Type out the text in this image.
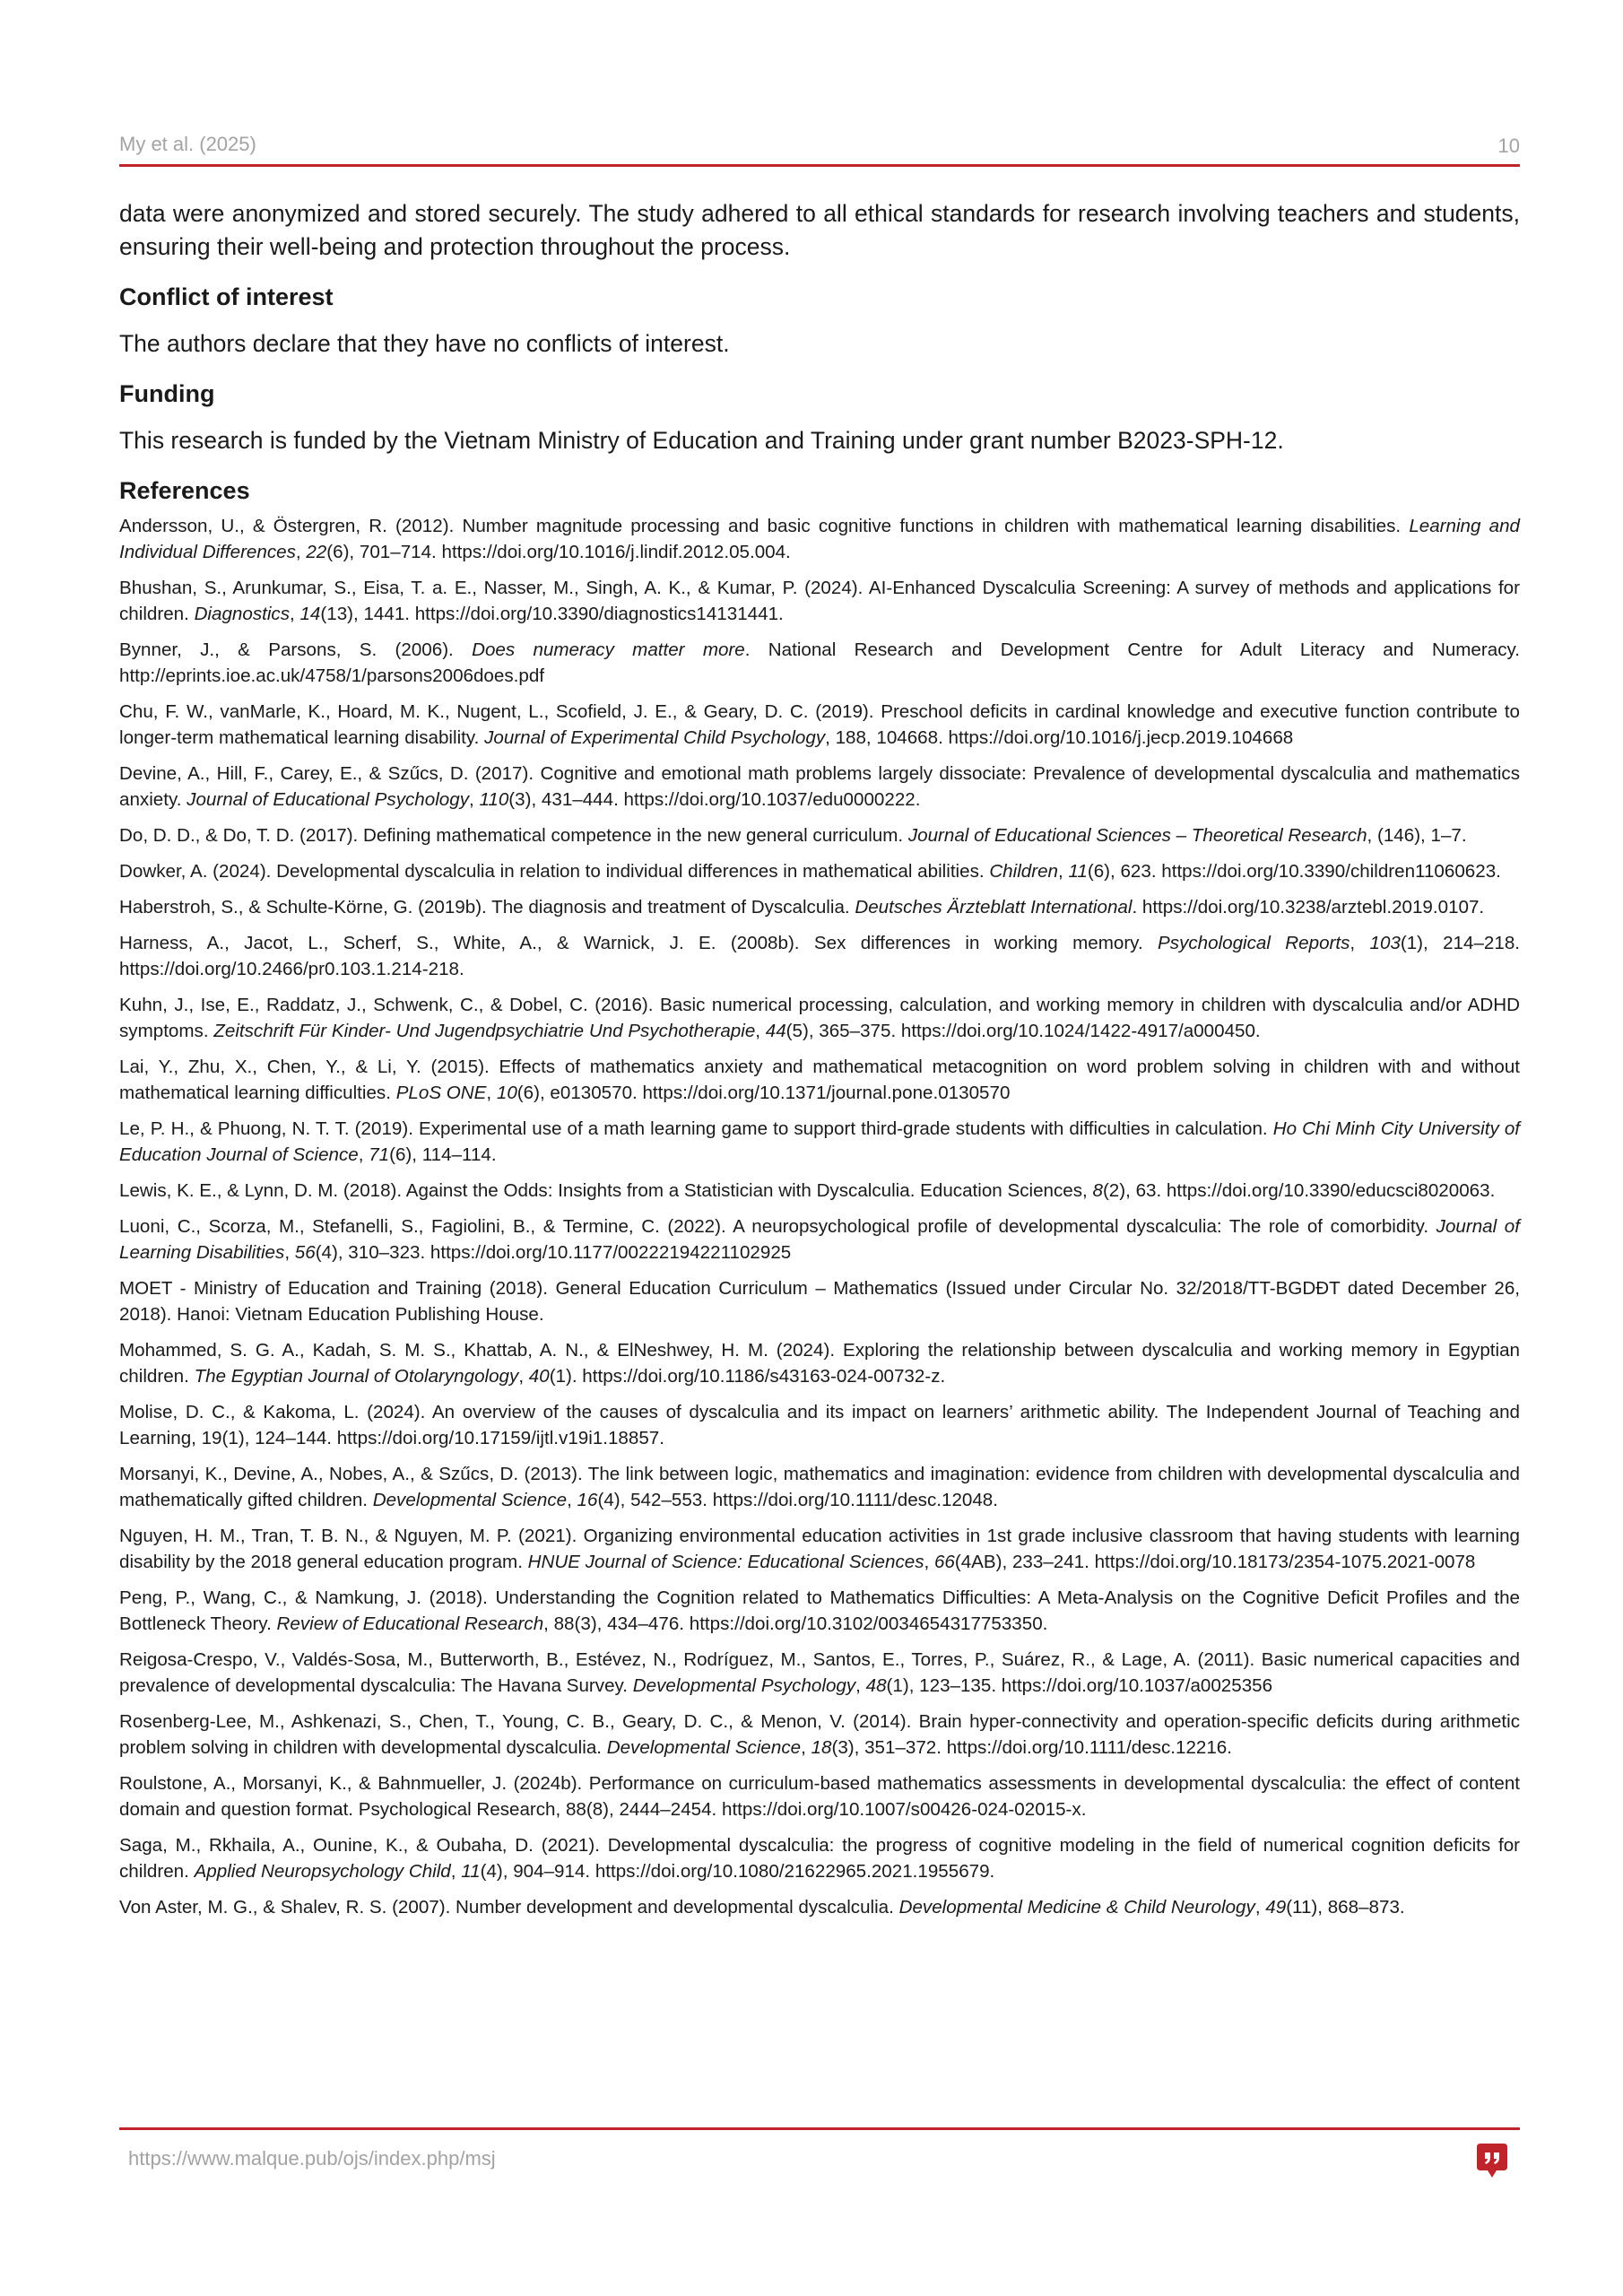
My et al. (2025)	10

data were anonymized and stored securely. The study adhered to all ethical standards for research involving teachers and students, ensuring their well-being and protection throughout the process.

Conflict of interest

The authors declare that they have no conflicts of interest.

Funding

This research is funded by the Vietnam Ministry of Education and Training under grant number B2023-SPH-12.

References

Andersson, U., & Östergren, R. (2012). Number magnitude processing and basic cognitive functions in children with mathematical learning disabilities. Learning and Individual Differences, 22(6), 701–714. https://doi.org/10.1016/j.lindif.2012.05.004.

Bhushan, S., Arunkumar, S., Eisa, T. a. E., Nasser, M., Singh, A. K., & Kumar, P. (2024). AI-Enhanced Dyscalculia Screening: A survey of methods and applications for children. Diagnostics, 14(13), 1441. https://doi.org/10.3390/diagnostics14131441.

Bynner, J., & Parsons, S. (2006). Does numeracy matter more. National Research and Development Centre for Adult Literacy and Numeracy. http://eprints.ioe.ac.uk/4758/1/parsons2006does.pdf

Chu, F. W., vanMarle, K., Hoard, M. K., Nugent, L., Scofield, J. E., & Geary, D. C. (2019). Preschool deficits in cardinal knowledge and executive function contribute to longer-term mathematical learning disability. Journal of Experimental Child Psychology, 188, 104668. https://doi.org/10.1016/j.jecp.2019.104668

Devine, A., Hill, F., Carey, E., & Szűcs, D. (2017). Cognitive and emotional math problems largely dissociate: Prevalence of developmental dyscalculia and mathematics anxiety. Journal of Educational Psychology, 110(3), 431–444. https://doi.org/10.1037/edu0000222.

Do, D. D., & Do, T. D. (2017). Defining mathematical competence in the new general curriculum. Journal of Educational Sciences – Theoretical Research, (146), 1–7.

Dowker, A. (2024). Developmental dyscalculia in relation to individual differences in mathematical abilities. Children, 11(6), 623. https://doi.org/10.3390/children11060623.

Haberstroh, S., & Schulte-Körne, G. (2019b). The diagnosis and treatment of Dyscalculia. Deutsches Ärzteblatt International. https://doi.org/10.3238/arztebl.2019.0107.

Harness, A., Jacot, L., Scherf, S., White, A., & Warnick, J. E. (2008b). Sex differences in working memory. Psychological Reports, 103(1), 214–218. https://doi.org/10.2466/pr0.103.1.214-218.

Kuhn, J., Ise, E., Raddatz, J., Schwenk, C., & Dobel, C. (2016). Basic numerical processing, calculation, and working memory in children with dyscalculia and/or ADHD symptoms. Zeitschrift Für Kinder- Und Jugendpsychiatrie Und Psychotherapie, 44(5), 365–375. https://doi.org/10.1024/1422-4917/a000450.

Lai, Y., Zhu, X., Chen, Y., & Li, Y. (2015). Effects of mathematics anxiety and mathematical metacognition on word problem solving in children with and without mathematical learning difficulties. PLoS ONE, 10(6), e0130570. https://doi.org/10.1371/journal.pone.0130570

Le, P. H., & Phuong, N. T. T. (2019). Experimental use of a math learning game to support third-grade students with difficulties in calculation. Ho Chi Minh City University of Education Journal of Science, 71(6), 114–114.

Lewis, K. E., & Lynn, D. M. (2018). Against the Odds: Insights from a Statistician with Dyscalculia. Education Sciences, 8(2), 63. https://doi.org/10.3390/educsci8020063.

Luoni, C., Scorza, M., Stefanelli, S., Fagiolini, B., & Termine, C. (2022). A neuropsychological profile of developmental dyscalculia: The role of comorbidity. Journal of Learning Disabilities, 56(4), 310–323. https://doi.org/10.1177/00222194221102925

MOET - Ministry of Education and Training (2018). General Education Curriculum – Mathematics (Issued under Circular No. 32/2018/TT-BGDĐT dated December 26, 2018). Hanoi: Vietnam Education Publishing House.

Mohammed, S. G. A., Kadah, S. M. S., Khattab, A. N., & ElNeshwey, H. M. (2024). Exploring the relationship between dyscalculia and working memory in Egyptian children. The Egyptian Journal of Otolaryngology, 40(1). https://doi.org/10.1186/s43163-024-00732-z.

Molise, D. C., & Kakoma, L. (2024). An overview of the causes of dyscalculia and its impact on learners’ arithmetic ability. The Independent Journal of Teaching and Learning, 19(1), 124–144. https://doi.org/10.17159/ijtl.v19i1.18857.

Morsanyi, K., Devine, A., Nobes, A., & Szűcs, D. (2013). The link between logic, mathematics and imagination: evidence from children with developmental dyscalculia and mathematically gifted children. Developmental Science, 16(4), 542–553. https://doi.org/10.1111/desc.12048.

Nguyen, H. M., Tran, T. B. N., & Nguyen, M. P. (2021). Organizing environmental education activities in 1st grade inclusive classroom that having students with learning disability by the 2018 general education program. HNUE Journal of Science: Educational Sciences, 66(4AB), 233–241. https://doi.org/10.18173/2354-1075.2021-0078

Peng, P., Wang, C., & Namkung, J. (2018). Understanding the Cognition related to Mathematics Difficulties: A Meta-Analysis on the Cognitive Deficit Profiles and the Bottleneck Theory. Review of Educational Research, 88(3), 434–476. https://doi.org/10.3102/0034654317753350.

Reigosa-Crespo, V., Valdés-Sosa, M., Butterworth, B., Estévez, N., Rodríguez, M., Santos, E., Torres, P., Suárez, R., & Lage, A. (2011). Basic numerical capacities and prevalence of developmental dyscalculia: The Havana Survey. Developmental Psychology, 48(1), 123–135. https://doi.org/10.1037/a0025356

Rosenberg-Lee, M., Ashkenazi, S., Chen, T., Young, C. B., Geary, D. C., & Menon, V. (2014). Brain hyper-connectivity and operation-specific deficits during arithmetic problem solving in children with developmental dyscalculia. Developmental Science, 18(3), 351–372. https://doi.org/10.1111/desc.12216.

Roulstone, A., Morsanyi, K., & Bahnmueller, J. (2024b). Performance on curriculum-based mathematics assessments in developmental dyscalculia: the effect of content domain and question format. Psychological Research, 88(8), 2444–2454. https://doi.org/10.1007/s00426-024-02015-x.

Saga, M., Rkhaila, A., Ounine, K., & Oubaha, D. (2021). Developmental dyscalculia: the progress of cognitive modeling in the field of numerical cognition deficits for children. Applied Neuropsychology Child, 11(4), 904–914. https://doi.org/10.1080/21622965.2021.1955679.

Von Aster, M. G., & Shalev, R. S. (2007). Number development and developmental dyscalculia. Developmental Medicine & Child Neurology, 49(11), 868–873.

https://www.malque.pub/ojs/index.php/msj
